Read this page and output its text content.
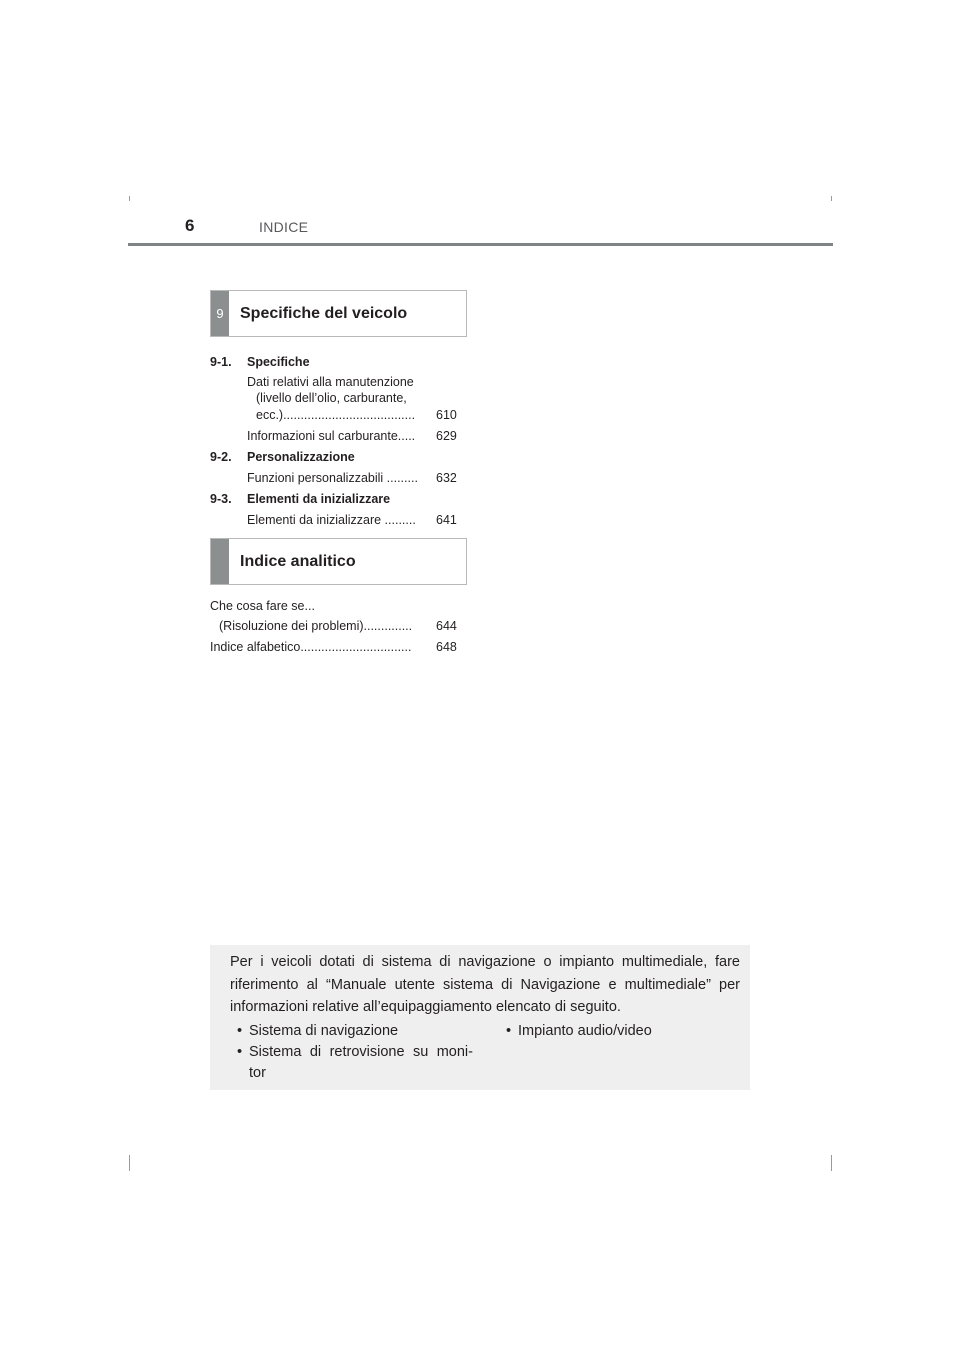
6	INDICE
9	Specifiche del veicolo
9-1. Specifiche
Dati relativi alla manutenzione
(livello dell’olio, carburante,
ecc.)......................................	610
Informazioni sul carburante.....	629
9-2. Personalizzazione
Funzioni personalizzabili .........	632
9-3. Elementi da inizializzare
Elementi da inizializzare .........	641
Indice analitico
Che cosa fare se...
(Risoluzione dei problemi)..............	644
Indice alfabetico................................	648
Per i veicoli dotati di sistema di navigazione o impianto multimediale, fare riferimento al “Manuale utente sistema di Navigazione e multimediale” per informazioni relative all’equipaggiamento elencato di seguito.
• Sistema di navigazione
• Sistema di retrovisione su moni-
tor
• Impianto audio/video
